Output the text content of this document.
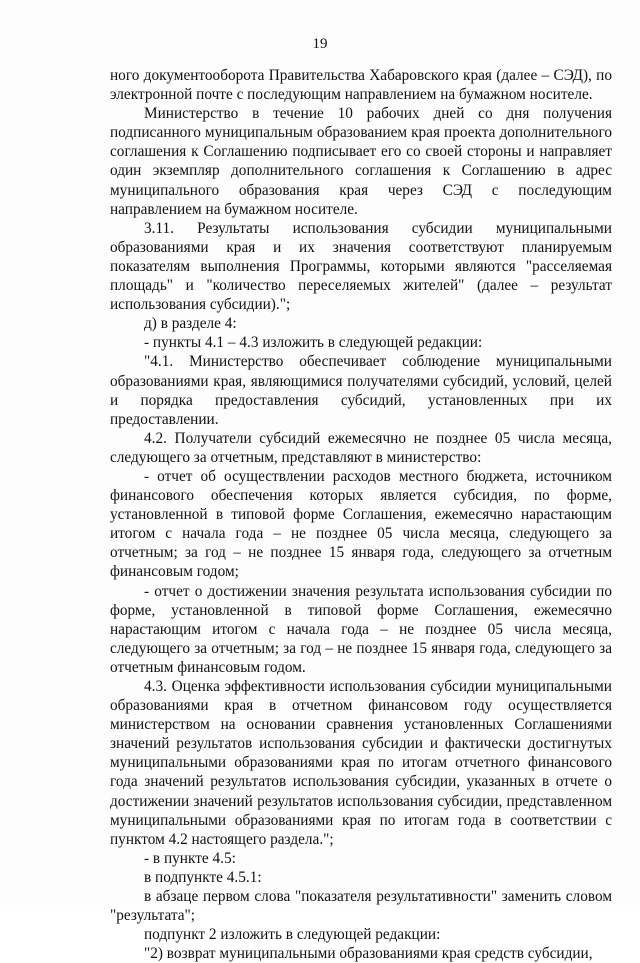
19

ного документооборота Правительства Хабаровского края (далее – СЭД), по электронной почте с последующим направлением на бумажном носителе.

Министерство в течение 10 рабочих дней со дня получения подписанного муниципальным образованием края проекта дополнительного соглашения к Соглашению подписывает его со своей стороны и направляет один экземпляр дополнительного соглашения к Соглашению в адрес муниципального образования края через СЭД с последующим направлением на бумажном носителе.

3.11. Результаты использования субсидии муниципальными образованиями края и их значения соответствуют планируемым показателям выполнения Программы, которыми являются "расселяемая площадь" и "количество переселяемых жителей" (далее – результат использования субсидии).";

д) в разделе 4:

- пункты 4.1 – 4.3 изложить в следующей редакции:

"4.1. Министерство обеспечивает соблюдение муниципальными образованиями края, являющимися получателями субсидий, условий, целей и порядка предоставления субсидий, установленных при их предоставлении.

4.2. Получатели субсидий ежемесячно не позднее 05 числа месяца, следующего за отчетным, представляют в министерство:

- отчет об осуществлении расходов местного бюджета, источником финансового обеспечения которых является субсидия, по форме, установленной в типовой форме Соглашения, ежемесячно нарастающим итогом с начала года – не позднее 05 числа месяца, следующего за отчетным; за год – не позднее 15 января года, следующего за отчетным финансовым годом;

- отчет о достижении значения результата использования субсидии по форме, установленной в типовой форме Соглашения, ежемесячно нарастающим итогом с начала года – не позднее 05 числа месяца, следующего за отчетным; за год – не позднее 15 января года, следующего за отчетным финансовым годом.

4.3. Оценка эффективности использования субсидии муниципальными образованиями края в отчетном финансовом году осуществляется министерством на основании сравнения установленных Соглашениями значений результатов использования субсидии и фактически достигнутых муниципальными образованиями края по итогам отчетного финансового года значений результатов использования субсидии, указанных в отчете о достижении значений результатов использования субсидии, представленном муниципальными образованиями края по итогам года в соответствии с пунктом 4.2 настоящего раздела.";

- в пункте 4.5:

в подпункте 4.5.1:

в абзаце первом слова "показателя результативности" заменить словом "результата";

подпункт 2 изложить в следующей редакции:

"2) возврат муниципальными образованиями края средств субсидии,
